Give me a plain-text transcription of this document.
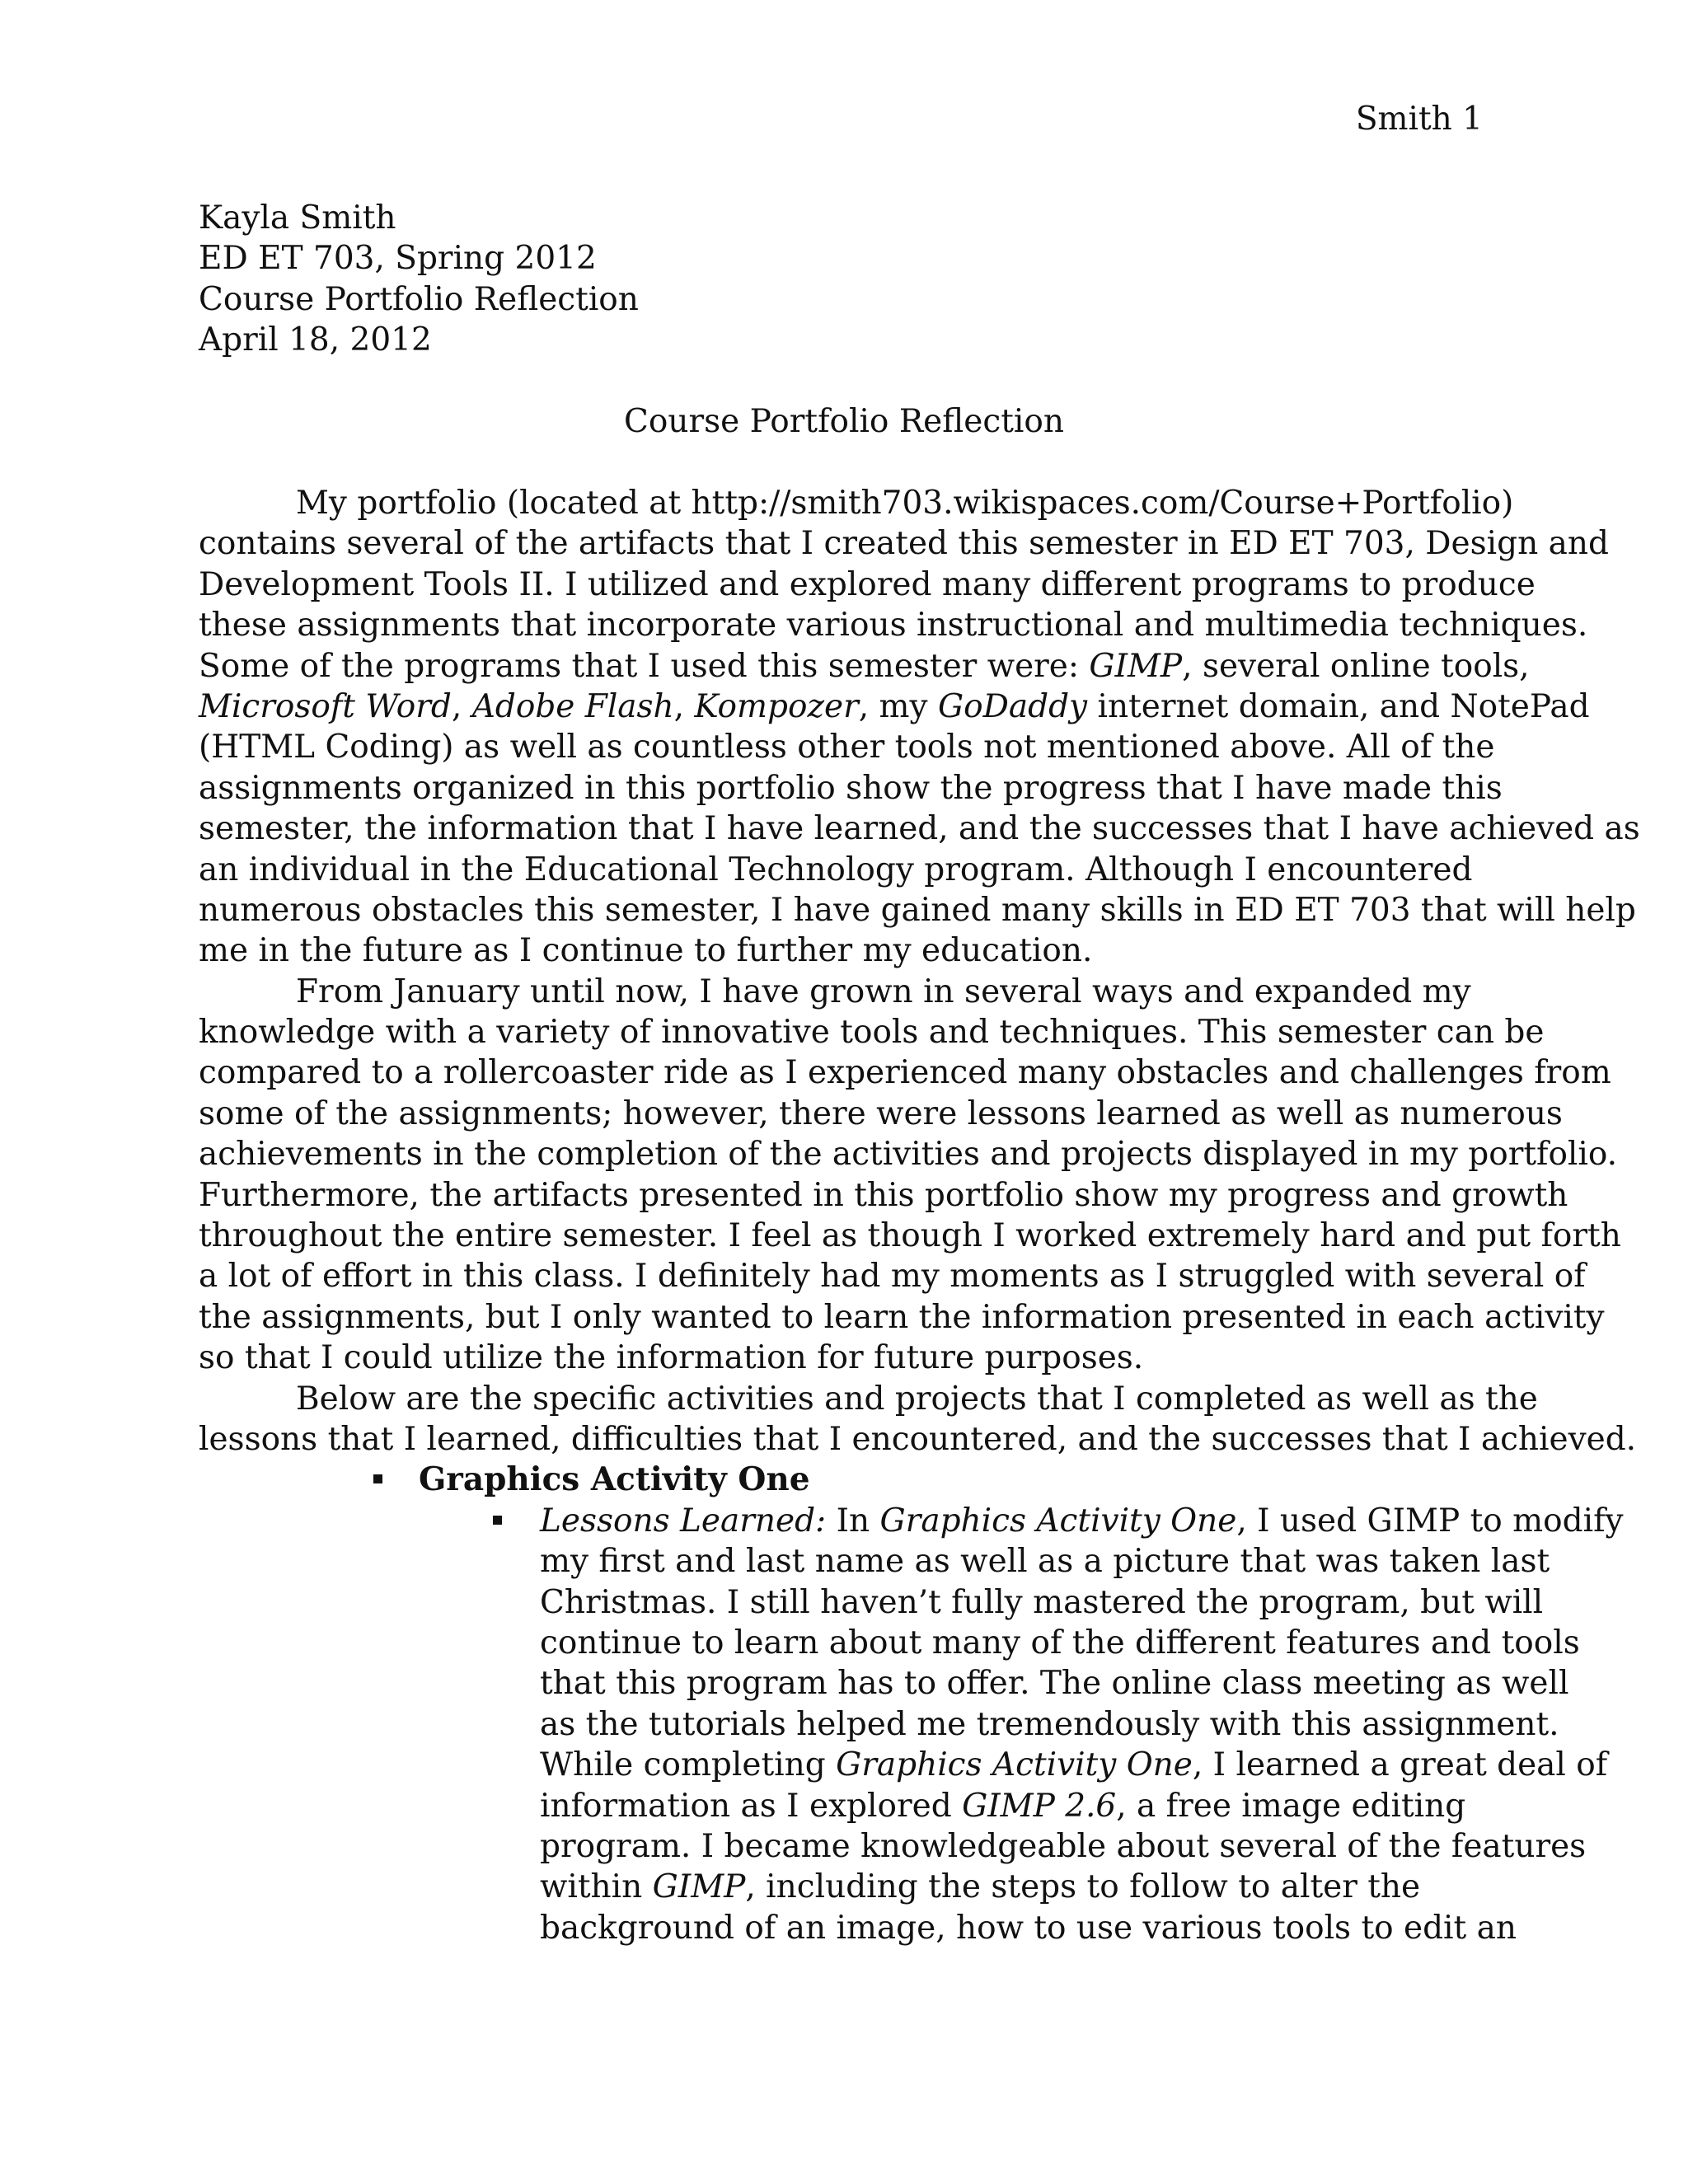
Smith 1
Kayla Smith
ED ET 703, Spring 2012
Course Portfolio Reflection
April 18, 2012
Course Portfolio Reflection
My portfolio (located at http://smith703.wikispaces.com/Course+Portfolio)
contains several of the artifacts that I created this semester in ED ET 703, Design and
Development Tools II. I utilized and explored many different programs to produce
these assignments that incorporate various instructional and multimedia techniques.
Some of the programs that I used this semester were: GIMP, several online tools,
Microsoft Word, Adobe Flash, Kompozer, my GoDaddy internet domain, and NotePad
(HTML Coding) as well as countless other tools not mentioned above. All of the
assignments organized in this portfolio show the progress that I have made this
semester, the information that I have learned, and the successes that I have achieved as
an individual in the Educational Technology program. Although I encountered
numerous obstacles this semester, I have gained many skills in ED ET 703 that will help
me in the future as I continue to further my education.
From January until now, I have grown in several ways and expanded my
knowledge with a variety of innovative tools and techniques. This semester can be
compared to a rollercoaster ride as I experienced many obstacles and challenges from
some of the assignments; however, there were lessons learned as well as numerous
achievements in the completion of the activities and projects displayed in my portfolio.
Furthermore, the artifacts presented in this portfolio show my progress and growth
throughout the entire semester. I feel as though I worked extremely hard and put forth
a lot of effort in this class. I definitely had my moments as I struggled with several of
the assignments, but I only wanted to learn the information presented in each activity
so that I could utilize the information for future purposes.
Below are the specific activities and projects that I completed as well as the
lessons that I learned, difficulties that I encountered, and the successes that I achieved.
Graphics Activity One
Lessons Learned: In Graphics Activity One, I used GIMP to modify
my first and last name as well as a picture that was taken last
Christmas. I still haven’t fully mastered the program, but will
continue to learn about many of the different features and tools
that this program has to offer. The online class meeting as well
as the tutorials helped me tremendously with this assignment.
While completing Graphics Activity One, I learned a great deal of
information as I explored GIMP 2.6, a free image editing
program. I became knowledgeable about several of the features
within GIMP, including the steps to follow to alter the
background of an image, how to use various tools to edit an
